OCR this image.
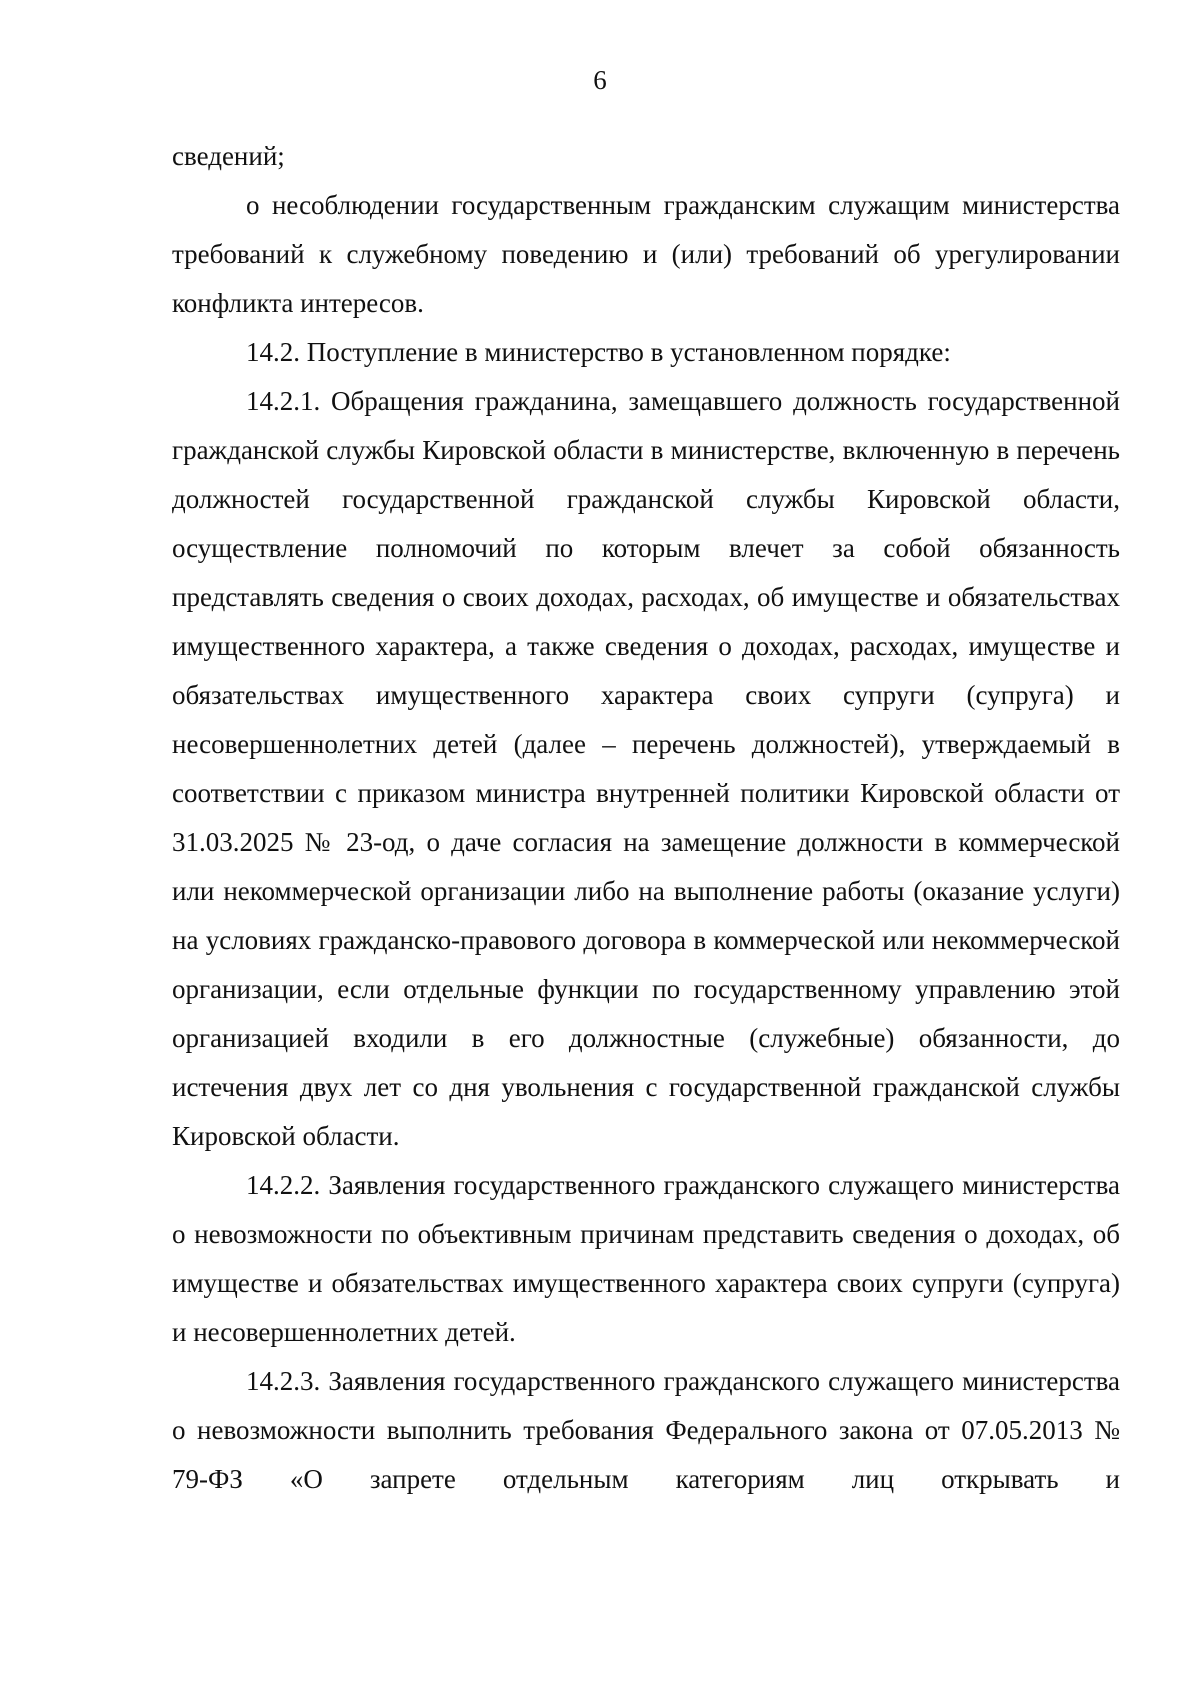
6

сведений;

о несоблюдении государственным гражданским служащим министерства требований к служебному поведению и (или) требований об урегулировании конфликта интересов.

14.2. Поступление в министерство в установленном порядке:

14.2.1. Обращения гражданина, замещавшего должность государственной гражданской службы Кировской области в министерстве, включенную в перечень должностей государственной гражданской службы Кировской области, осуществление полномочий по которым влечет за собой обязанность представлять сведения о своих доходах, расходах, об имуществе и обязательствах имущественного характера, а также сведения о доходах, расходах, имуществе и обязательствах имущественного характера своих супруги (супруга) и несовершеннолетних детей (далее – перечень должностей), утверждаемый в соответствии с приказом министра внутренней политики Кировской области от 31.03.2025 № 23-од, о даче согласия на замещение должности в коммерческой или некоммерческой организации либо на выполнение работы (оказание услуги) на условиях гражданско-правового договора в коммерческой или некоммерческой организации, если отдельные функции по государственному управлению этой организацией входили в его должностные (служебные) обязанности, до истечения двух лет со дня увольнения с государственной гражданской службы Кировской области.

14.2.2. Заявления государственного гражданского служащего министерства о невозможности по объективным причинам представить сведения о доходах, об имуществе и обязательствах имущественного характера своих супруги (супруга) и несовершеннолетних детей.

14.2.3. Заявления государственного гражданского служащего министерства о невозможности выполнить требования Федерального закона от 07.05.2013 № 79-ФЗ «О запрете отдельным категориям лиц открывать и
